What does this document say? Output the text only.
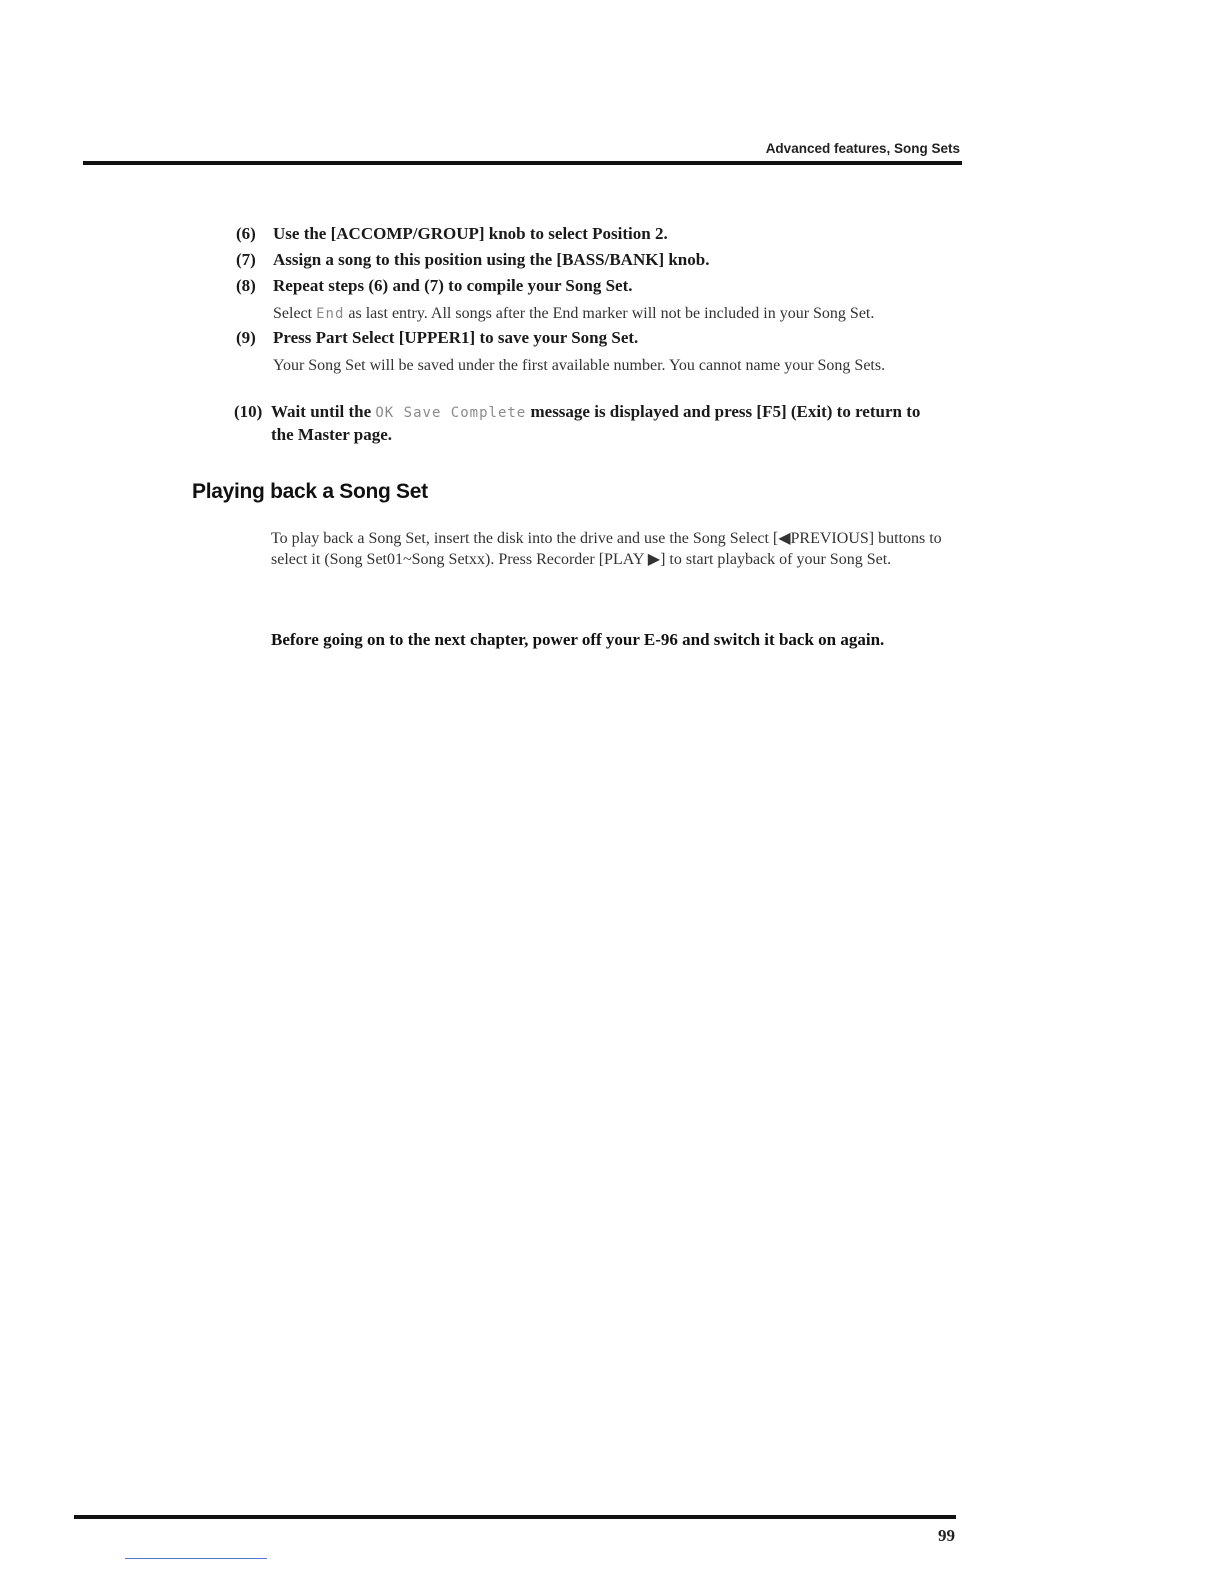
Advanced features, Song Sets
(6) Use the [ACCOMP/GROUP] knob to select Position 2.
(7) Assign a song to this position using the [BASS/BANK] knob.
(8) Repeat steps (6) and (7) to compile your Song Set.
Select End as last entry. All songs after the End marker will not be included in your Song Set.
(9) Press Part Select [UPPER1] to save your Song Set.
Your Song Set will be saved under the first available number. You cannot name your Song Sets.
(10) Wait until the OK Save Complete message is displayed and press [F5] (Exit) to return to the Master page.
Playing back a Song Set
To play back a Song Set, insert the disk into the drive and use the Song Select [◀PREVIOUS] buttons to select it (Song Set01~Song Setxx). Press Recorder [PLAY ▶] to start playback of your Song Set.
Before going on to the next chapter, power off your E-96 and switch it back on again.
99
